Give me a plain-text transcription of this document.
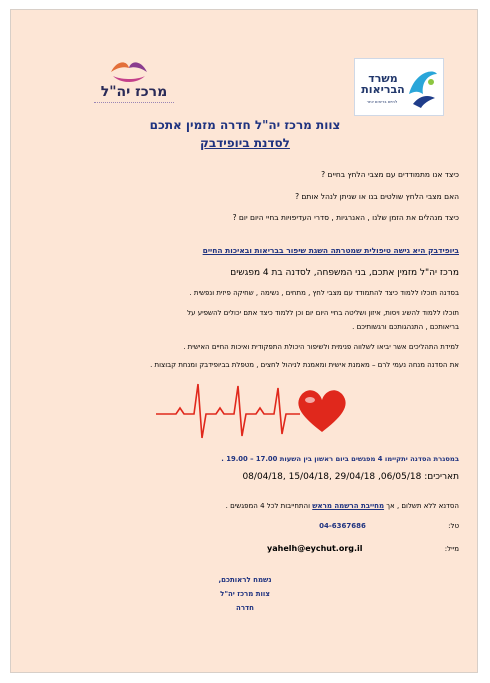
משרד הבריאות
לחיים בריאים יותר
מרכז יה"ל
צוות מרכז יה"ל חדרה מזמין אתכם
לסדנת ביופידבק
כיצד אנו מתמודדים עם מצבי הלחץ בחיים ?
האם מצבי הלחץ שולטים בנו או שניתן לנהל אותם ?
כיצד מנהלים את הזמן שלנו , האנרגיות , סדרי העדיפויות בחיי היום יום ?
ביופידבק היא גישה טיפולית שמטרתה השגת שיפור בבריאות ובאיכות החיים
מרכז יה"ל מזמין אתכם, בני המשפחה, לסדנה בת 4 מפגשים
בסדנה תוכלו ללמוד כיצד להתמודד עם מצבי לחץ , מתחים , נשימה , שחיקה פיזית ונפשית .
תוכלו ללמוד להשיג ויסות, איזון ושליטה בחיי היום יום וכן ללמוד כיצד אתם יכולים להשפיע על
בריאותכם , התנהגותכם ורגשותיכם .
למידת התהליכים אשר יביאו לשלווה פנימית ולשיפור היכולת התפקודית ואיכות החיים האישית .
את הסדנה מנחה נעמי לרם – מאמנת אישית ומאמנת לניהול לחצים , מטפלת בביופידבק ומנחת קבוצות .
במסגרת הסדנה יתקיימו 4 מפגשים ביום ראשון בין השעות 17.00 – 19.00 .
תאריכים: 08/04/18, 15/04/18, 29/04/18 ,06/05/18
הסדנא ללא תשלום , אך מחייבת הרשמה מראש והתחייבות לכל 4 המפגשים .
טל: 04-6367686
מייל: yahelh@eychut.org.il
נשמח לראותכם,
צוות מרכז יה"ל
חדרה
